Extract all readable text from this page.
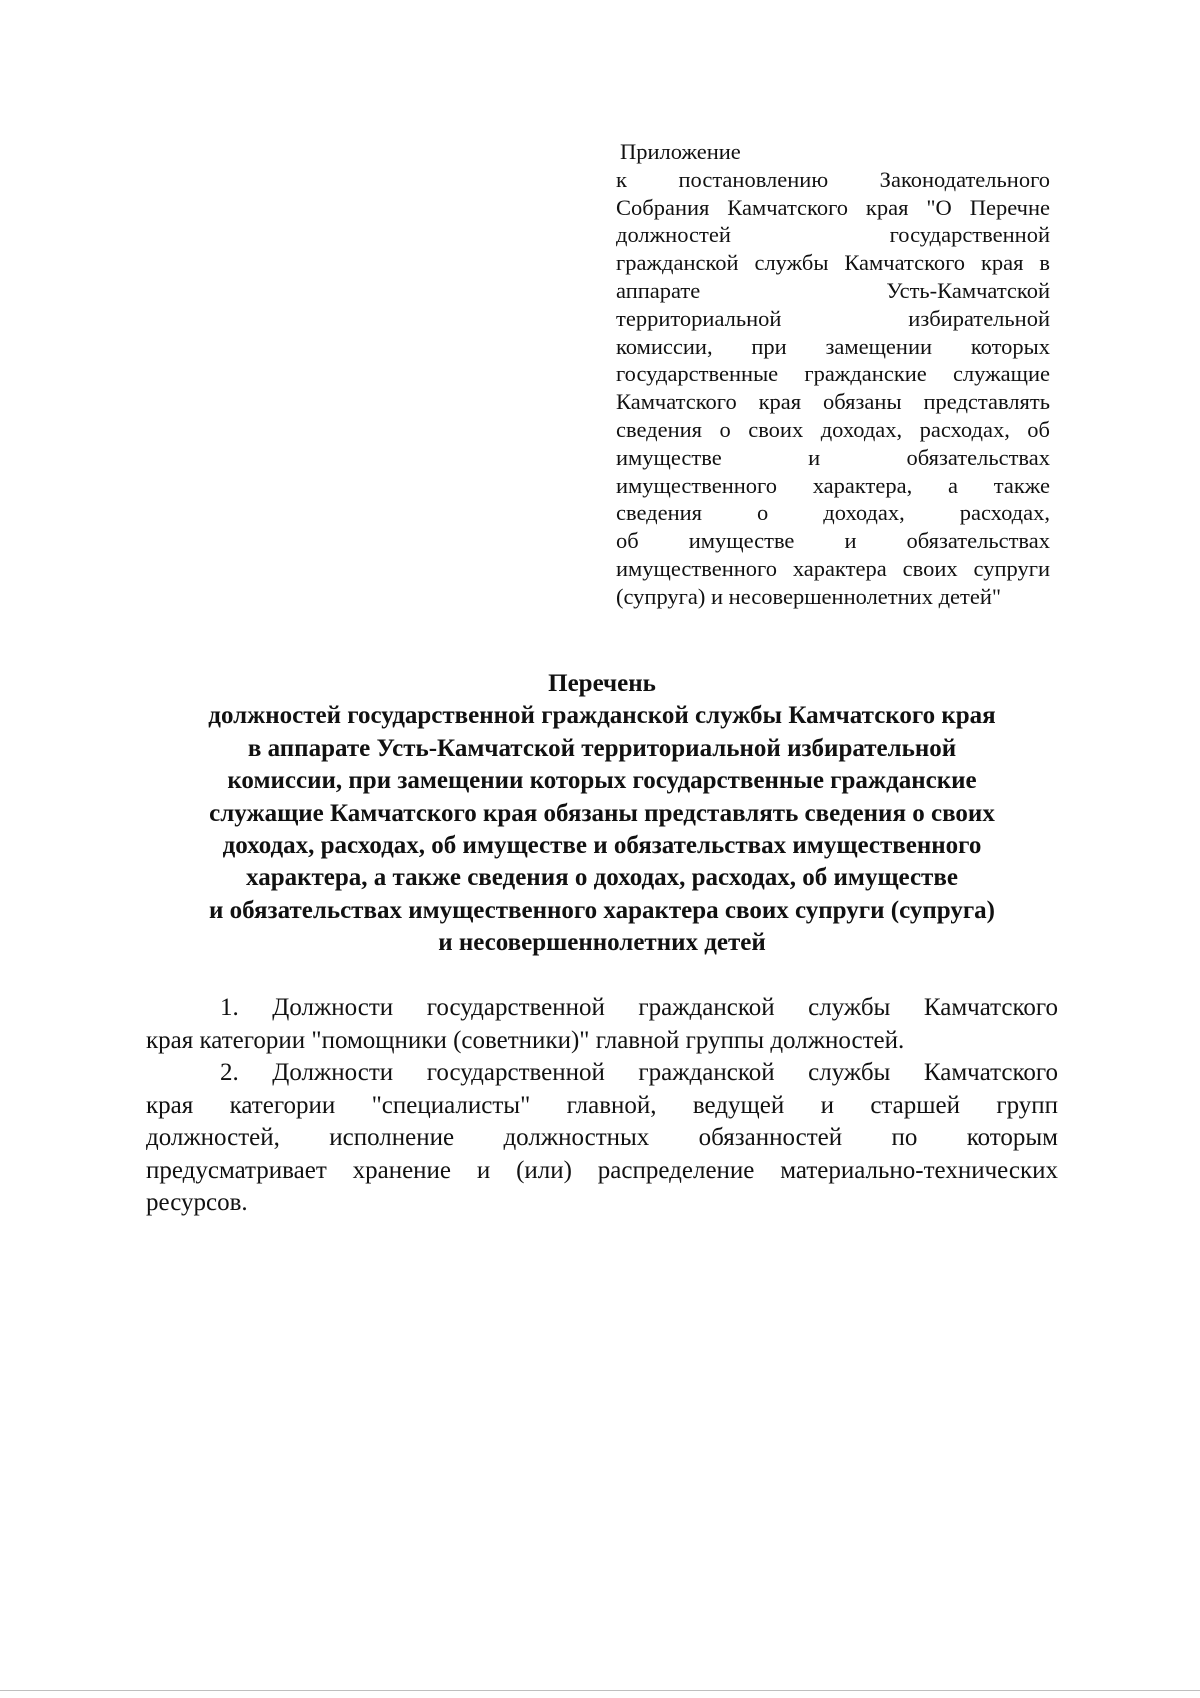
Приложение
к постановлению Законодательного
Собрания Камчатского края "О Перечне
должностей государственной
гражданской службы Камчатского края в
аппарате Усть-Камчатской
территориальной избирательной
комиссии, при замещении которых
государственные гражданские служащие
Камчатского края обязаны представлять
сведения о своих доходах, расходах, об
имуществе и обязательствах
имущественного характера, а также
сведения о доходах, расходах,
об имуществе и обязательствах
имущественного характера своих супруги
(супруга) и несовершеннолетних детей"
Перечень
должностей государственной гражданской службы Камчатского края
в аппарате Усть-Камчатской территориальной избирательной
комиссии, при замещении которых государственные гражданские
служащие Камчатского края обязаны представлять сведения о своих
доходах, расходах, об имуществе и обязательствах имущественного
характера, а также сведения о доходах, расходах, об имуществе
и обязательствах имущественного характера своих супруги (супруга)
и несовершеннолетних детей
1. Должности государственной гражданской службы Камчатского
края категории "помощники (советники)" главной группы должностей.
2. Должности государственной гражданской службы Камчатского
края категории "специалисты" главной, ведущей и старшей групп
должностей, исполнение должностных обязанностей по которым
предусматривает хранение и (или) распределение материально-технических
ресурсов.
